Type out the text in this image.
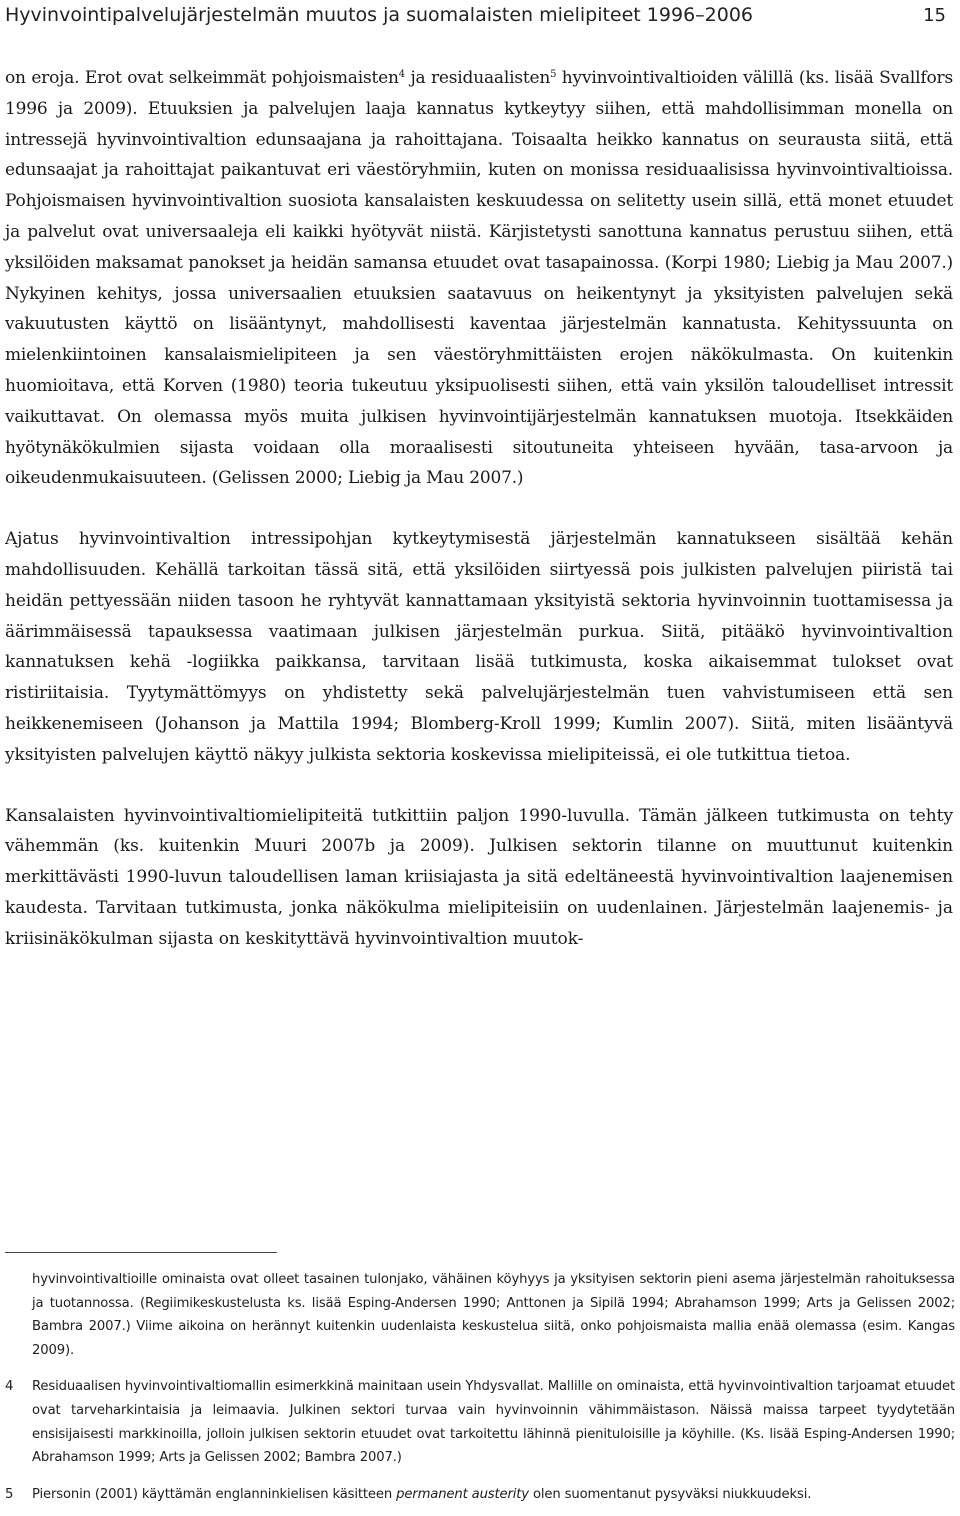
Hyvinvointipalvelujärjestelmän muutos ja suomalaisten mielipiteet 1996–2006	15

on eroja. Erot ovat selkeimmät pohjoismaisten$^4$ ja residuaalisten$^5$ hyvinvointivaltioiden välillä (ks. lisää Svallfors 1996 ja 2009). Etuuksien ja palvelujen laaja kannatus kytkeytyy siihen, että mahdollisimman monella on intressejä hyvinvointivaltion edunsaajana ja rahoittajana. Toisaalta heikko kannatus on seurausta siitä, että edunsaajat ja rahoittajat paikantuvat eri väestöryhmiin, kuten on monissa residuaalisissa hyvinvointivaltioissa. Pohjoismaisen hyvinvointivaltion suosiota kansalaisten keskuudessa on selitetty usein sillä, että monet etuudet ja palvelut ovat universaaleja eli kaikki hyötyvät niistä. Kärjistetysti sanottuna kannatus perustuu siihen, että yksilöiden maksamat panokset ja heidän samansa etuudet ovat tasapainossa. (Korpi 1980; Liebig ja Mau 2007.) Nykyinen kehitys, jossa universaalien etuuksien saatavuus on heikentynyt ja yksityisten palvelujen sekä vakuutusten käyttö on lisääntynyt, mahdollisesti kaventaa järjestelmän kannatusta. Kehityssuunta on mielenkiintoinen kansalaismielipiteen ja sen väestöryhmittäisten erojen näkökulmasta. On kuitenkin huomioitava, että Korven (1980) teoria tukeutuu yksipuolisesti siihen, että vain yksilön taloudelliset intressit vaikuttavat. On olemassa myös muita julkisen hyvinvointijärjestelmän kannatuksen muotoja. Itsekkäiden hyötynäkökulmien sijasta voidaan olla moraalisesti sitoutuneita yhteiseen hyvään, tasa-arvoon ja oikeudenmukaisuuteen. (Gelissen 2000; Liebig ja Mau 2007.)

Ajatus hyvinvointivaltion intressipohjan kytkeytymisestä järjestelmän kannatukseen sisältää kehän mahdollisuuden. Kehällä tarkoitan tässä sitä, että yksilöiden siirtyessä pois julkisten palvelujen piiristä tai heidän pettyessään niiden tasoon he ryhtyvät kannattamaan yksityistä sektoria hyvinvoinnin tuottamisessa ja äärimmäisessä tapauksessa vaatimaan julkisen järjestelmän purkua. Siitä, pitääkö hyvinvointivaltion kannatuksen kehä -logiikka paikkansa, tarvitaan lisää tutkimusta, koska aikaisemmat tulokset ovat ristiriitaisia. Tyytymättömyys on yhdistetty sekä palvelujärjestelmän tuen vahvistumiseen että sen heikkenemiseen (Johanson ja Mattila 1994; Blomberg-Kroll 1999; Kumlin 2007). Siitä, miten lisääntyvä yksityisten palvelujen käyttö näkyy julkista sektoria koskevissa mielipiteissä, ei ole tutkittua tietoa.

Kansalaisten hyvinvointivaltiomielipiteitä tutkittiin paljon 1990-luvulla. Tämän jälkeen tutkimusta on tehty vähemmän (ks. kuitenkin Muuri 2007b ja 2009). Julkisen sektorin tilanne on muuttunut kuitenkin merkittävästi 1990-luvun taloudellisen laman kriisiajasta ja sitä edeltäneestä hyvinvointivaltion laajenemisen kaudesta. Tarvitaan tutkimusta, jonka näkökulma mielipiteisiin on uudenlainen. Järjestelmän laajenemis- ja kriisinäkökulman sijasta on keskityttävä hyvinvointivaltion muutok-

hyvinvointivaltioille ominaista ovat olleet tasainen tulonjako, vähäinen köyhyys ja yksityisen sektorin pieni asema järjestelmän rahoituksessa ja tuotannossa. (Regiimikeskustelusta ks. lisää Esping-Andersen 1990; Anttonen ja Sipilä 1994; Abrahamson 1999; Arts ja Gelissen 2002; Bambra 2007.) Viime aikoina on herännyt kuitenkin uudenlaista keskustelua siitä, onko pohjoismaista mallia enää olemassa (esim. Kangas 2009).
4	Residuaalisen hyvinvointivaltiomallin esimerkkinä mainitaan usein Yhdysvallat. Mallille on ominaista, että hyvinvointivaltion tarjoamat etuudet ovat tarveharkintaisia ja leimaavia. Julkinen sektori turvaa vain hyvinvoinnin vähimmäistason. Näissä maissa tarpeet tyydytetään ensisijaisesti markkinoilla, jolloin julkisen sektorin etuudet ovat tarkoitettu lähinnä pienituloisille ja köyhille. (Ks. lisää Esping-Andersen 1990; Abrahamson 1999; Arts ja Gelissen 2002; Bambra 2007.)
5	Piersonin (2001) käyttämän englanninkielisen käsitteen permanent austerity olen suomentanut pysyväksi niukkuudeksi.
